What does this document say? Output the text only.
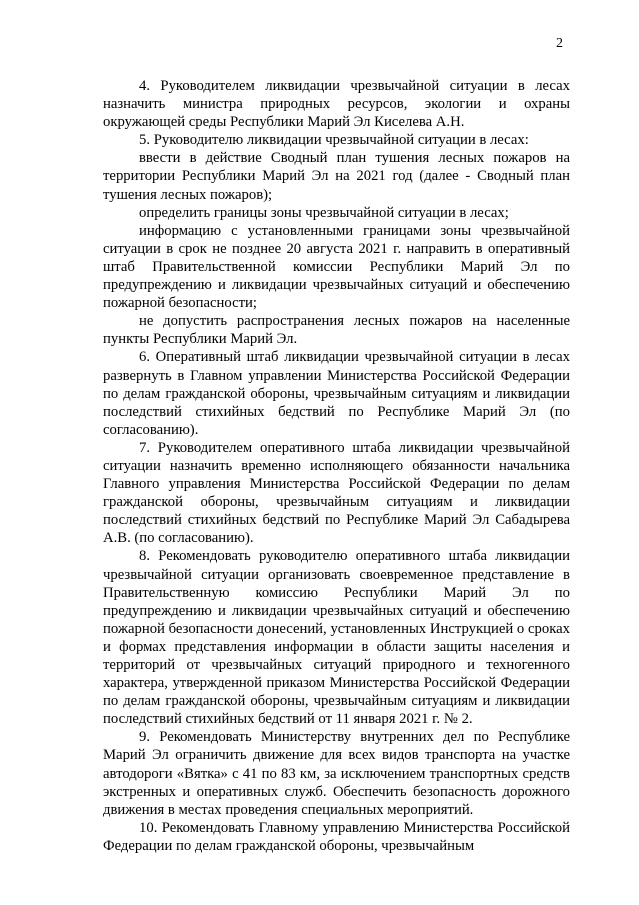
2

4. Руководителем ликвидации чрезвычайной ситуации в лесах назначить министра природных ресурсов, экологии и охраны окружающей среды Республики Марий Эл Киселева А.Н.

5. Руководителю ликвидации чрезвычайной ситуации в лесах:

ввести в действие Сводный план тушения лесных пожаров на территории Республики Марий Эл на 2021 год (далее - Сводный план тушения лесных пожаров);

определить границы зоны чрезвычайной ситуации в лесах;

информацию с установленными границами зоны чрезвычайной ситуации в срок не позднее 20 августа 2021 г. направить в оперативный штаб Правительственной комиссии Республики Марий Эл по предупреждению и ликвидации чрезвычайных ситуаций и обеспечению пожарной безопасности;

не допустить распространения лесных пожаров на населенные пункты Республики Марий Эл.

6. Оперативный штаб ликвидации чрезвычайной ситуации в лесах развернуть в Главном управлении Министерства Российской Федерации по делам гражданской обороны, чрезвычайным ситуациям и ликвидации последствий стихийных бедствий по Республике Марий Эл (по согласованию).

7. Руководителем оперативного штаба ликвидации чрезвычайной ситуации назначить временно исполняющего обязанности начальника Главного управления Министерства Российской Федерации по делам гражданской обороны, чрезвычайным ситуациям и ликвидации последствий стихийных бедствий по Республике Марий Эл Сабадырева А.В. (по согласованию).

8. Рекомендовать руководителю оперативного штаба ликвидации чрезвычайной ситуации организовать своевременное представление в Правительственную комиссию Республики Марий Эл по предупреждению и ликвидации чрезвычайных ситуаций и обеспечению пожарной безопасности донесений, установленных Инструкцией о сроках и формах представления информации в области защиты населения и территорий от чрезвычайных ситуаций природного и техногенного характера, утвержденной приказом Министерства Российской Федерации по делам гражданской обороны, чрезвычайным ситуациям и ликвидации последствий стихийных бедствий от 11 января 2021 г. № 2.

9. Рекомендовать Министерству внутренних дел по Республике Марий Эл ограничить движение для всех видов транспорта на участке автодороги «Вятка» с 41 по 83 км, за исключением транспортных средств экстренных и оперативных служб. Обеспечить безопасность дорожного движения в местах проведения специальных мероприятий.

10. Рекомендовать Главному управлению Министерства Российской Федерации по делам гражданской обороны, чрезвычайным
